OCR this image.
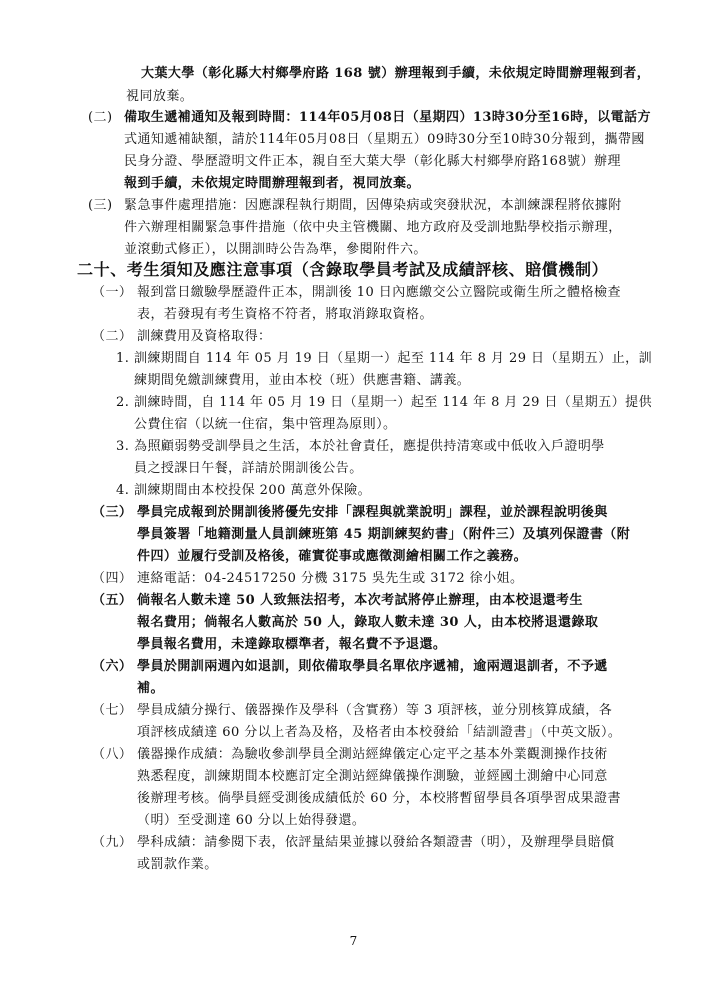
大葉大學（彰化縣大村鄉學府路 168 號）辦理報到手續，未依規定時間辦理報到者，
視同放棄。
(二) 備取生遞補通知及報到時間：114年05月08日（星期四）13時30分至16時，以電話方
式通知遞補缺額，請於114年05月08日（星期五）09時30分至10時30分報到，攜帶國
民身分證、學歷證明文件正本，親自至大葉大學（彰化縣大村鄉學府路168號）辦理
報到手續，未依規定時間辦理報到者，視同放棄。
(三) 緊急事件處理措施：因應課程執行期間，因傳染病或突發狀況，本訓練課程將依據附
件六辦理相關緊急事件措施（依中央主管機關、地方政府及受訓地點學校指示辦理，
並滾動式修正），以開訓時公告為準，參閱附件六。
二十、考生須知及應注意事項（含錄取學員考試及成績評核、賠償機制）
（一） 報到當日繳驗學歷證件正本，開訓後 10 日內應繳交公立醫院或衛生所之體格檢查
表，若發現有考生資格不符者，將取消錄取資格。
（二） 訓練費用及資格取得：
1. 訓練期間自 114 年 05 月 19 日（星期一）起至 114 年 8 月 29 日（星期五）止，訓
練期間免繳訓練費用，並由本校（班）供應書籍、講義。
2. 訓練時間，自 114 年 05 月 19 日（星期一）起至 114 年 8 月 29 日（星期五）提供
公費住宿（以統一住宿，集中管理為原則）。
3. 為照顧弱勢受訓學員之生活，本於社會責任，應提供持清寒或中低收入戶證明學
員之授課日午餐，詳請於開訓後公告。
4. 訓練期間由本校投保 200 萬意外保險。
（三） 學員完成報到於開訓後將優先安排「課程與就業說明」課程，並於課程說明後與
學員簽署「地籍測量人員訓練班第 45 期訓練契約書」（附件三）及填列保證書（附
件四）並履行受訓及格後，確實從事或應徵測繪相關工作之義務。
（四） 連絡電話：04-24517250 分機 3175 吳先生或 3172 徐小姐。
（五） 倘報名人數未達 50 人致無法招考，本次考試將停止辦理，由本校退還考生
報名費用；倘報名人數高於 50 人，錄取人數未達 30 人，由本校將退還錄取
學員報名費用，未達錄取標準者，報名費不予退還。
（六） 學員於開訓兩週內如退訓，則依備取學員名單依序遞補，逾兩週退訓者，不予遞
補。
（七） 學員成績分操行、儀器操作及學科（含實務）等 3 項評核，並分別核算成績，各
項評核成績達 60 分以上者為及格，及格者由本校發給「結訓證書」（中英文版）。
（八） 儀器操作成績：為驗收參訓學員全測站經緯儀定心定平之基本外業觀測操作技術
熟悉程度，訓練期間本校應訂定全測站經緯儀操作測驗，並經國土測繪中心同意
後辦理考核。倘學員經受測後成績低於 60 分，本校將暫留學員各項學習成果證書
（明）至受測達 60 分以上始得發還。
（九） 學科成績：請參閱下表，依評量結果並據以發給各類證書（明），及辦理學員賠償
或罰款作業。
7
